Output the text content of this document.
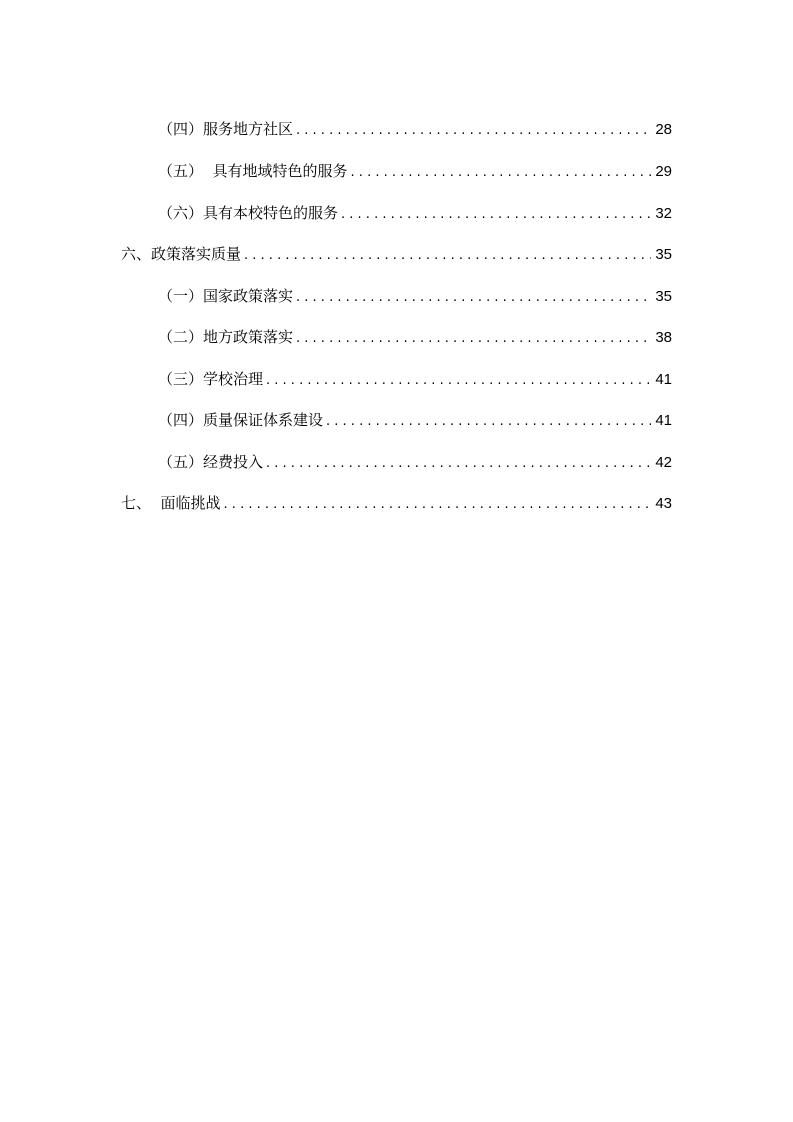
（四）服务地方社区 . . .	28
（五）  具有地域特色的服务 . . .	29
（六）具有本校特色的服务 . . .	32
六、政策落实质量 . . .	35
（一）国家政策落实 . . .	35
（二）地方政策落实 . . .	38
（三）学校治理 . . .	41
（四）质量保证体系建设 . . .	41
（五）经费投入 . . .	42
七、  面临挑战 . . .	43
